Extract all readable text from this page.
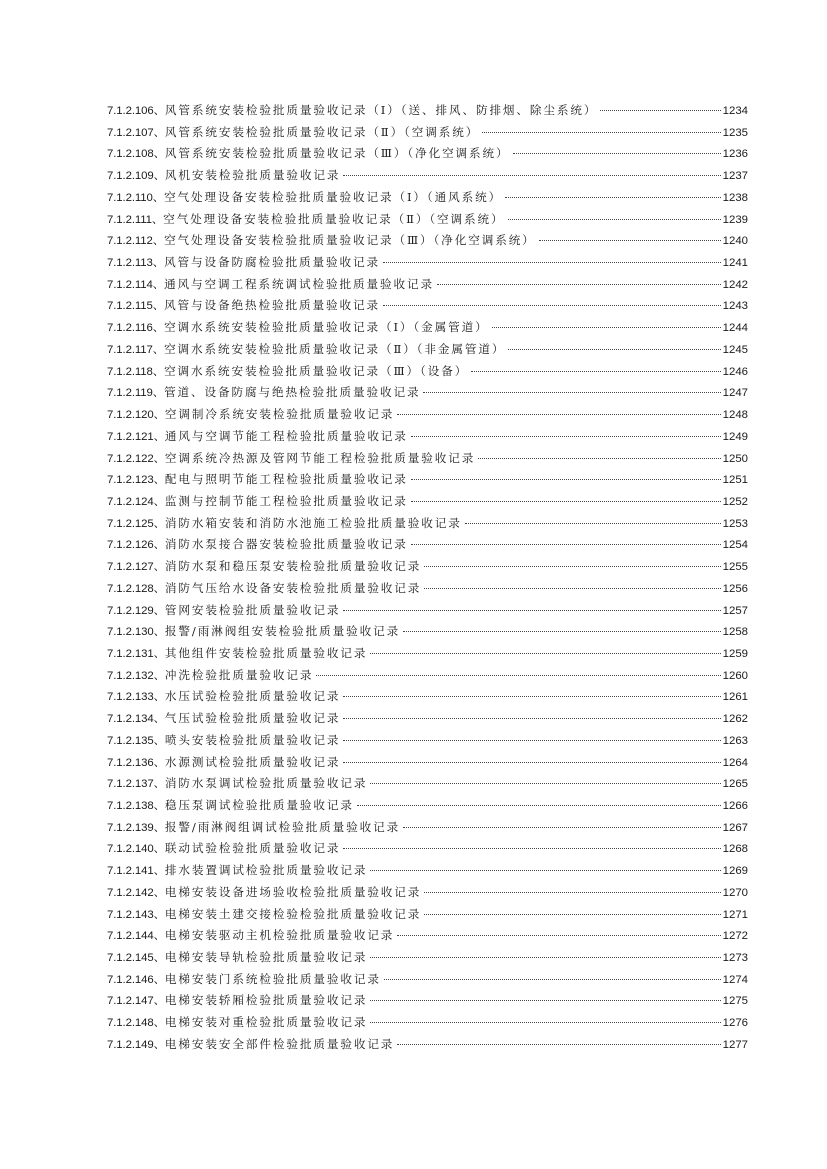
7.1.2.106、 风管系统安装检验批质量验收记录（Ⅰ）（送、排风、防排烟、除尘系统）	1234
7.1.2.107、 风管系统安装检验批质量验收记录（Ⅱ）（空调系统）	1235
7.1.2.108、 风管系统安装检验批质量验收记录（Ⅲ）（净化空调系统）	1236
7.1.2.109、 风机安装检验批质量验收记录	1237
7.1.2.110、 空气处理设备安装检验批质量验收记录（Ⅰ）（通风系统）	1238
7.1.2.111、 空气处理设备安装检验批质量验收记录（Ⅱ）（空调系统）	1239
7.1.2.112、 空气处理设备安装检验批质量验收记录（Ⅲ）（净化空调系统）	1240
7.1.2.113、 风管与设备防腐检验批质量验收记录	1241
7.1.2.114、 通风与空调工程系统调试检验批质量验收记录	1242
7.1.2.115、 风管与设备绝热检验批质量验收记录	1243
7.1.2.116、 空调水系统安装检验批质量验收记录（Ⅰ）（金属管道）	1244
7.1.2.117、 空调水系统安装检验批质量验收记录（Ⅱ）（非金属管道）	1245
7.1.2.118、 空调水系统安装检验批质量验收记录（Ⅲ）（设备）	1246
7.1.2.119、 管道、设备防腐与绝热检验批质量验收记录	1247
7.1.2.120、 空调制冷系统安装检验批质量验收记录	1248
7.1.2.121、 通风与空调节能工程检验批质量验收记录	1249
7.1.2.122、 空调系统冷热源及管网节能工程检验批质量验收记录	1250
7.1.2.123、 配电与照明节能工程检验批质量验收记录	1251
7.1.2.124、 监测与控制节能工程检验批质量验收记录	1252
7.1.2.125、 消防水箱安装和消防水池施工检验批质量验收记录	1253
7.1.2.126、 消防水泵接合器安装检验批质量验收记录	1254
7.1.2.127、 消防水泵和稳压泵安装检验批质量验收记录	1255
7.1.2.128、 消防气压给水设备安装检验批质量验收记录	1256
7.1.2.129、 管网安装检验批质量验收记录	1257
7.1.2.130、 报警/雨淋阀组安装检验批质量验收记录	1258
7.1.2.131、 其他组件安装检验批质量验收记录	1259
7.1.2.132、 冲洗检验批质量验收记录	1260
7.1.2.133、 水压试验检验批质量验收记录	1261
7.1.2.134、 气压试验检验批质量验收记录	1262
7.1.2.135、 喷头安装检验批质量验收记录	1263
7.1.2.136、 水源测试检验批质量验收记录	1264
7.1.2.137、 消防水泵调试检验批质量验收记录	1265
7.1.2.138、 稳压泵调试检验批质量验收记录	1266
7.1.2.139、 报警/雨淋阀组调试检验批质量验收记录	1267
7.1.2.140、 联动试验检验批质量验收记录	1268
7.1.2.141、 排水装置调试检验批质量验收记录	1269
7.1.2.142、 电梯安装设备进场验收检验批质量验收记录	1270
7.1.2.143、 电梯安装土建交接检验检验批质量验收记录	1271
7.1.2.144、 电梯安装驱动主机检验批质量验收记录	1272
7.1.2.145、 电梯安装导轨检验批质量验收记录	1273
7.1.2.146、 电梯安装门系统检验批质量验收记录	1274
7.1.2.147、 电梯安装轿厢检验批质量验收记录	1275
7.1.2.148、 电梯安装对重检验批质量验收记录	1276
7.1.2.149、 电梯安装安全部件检验批质量验收记录	1277
